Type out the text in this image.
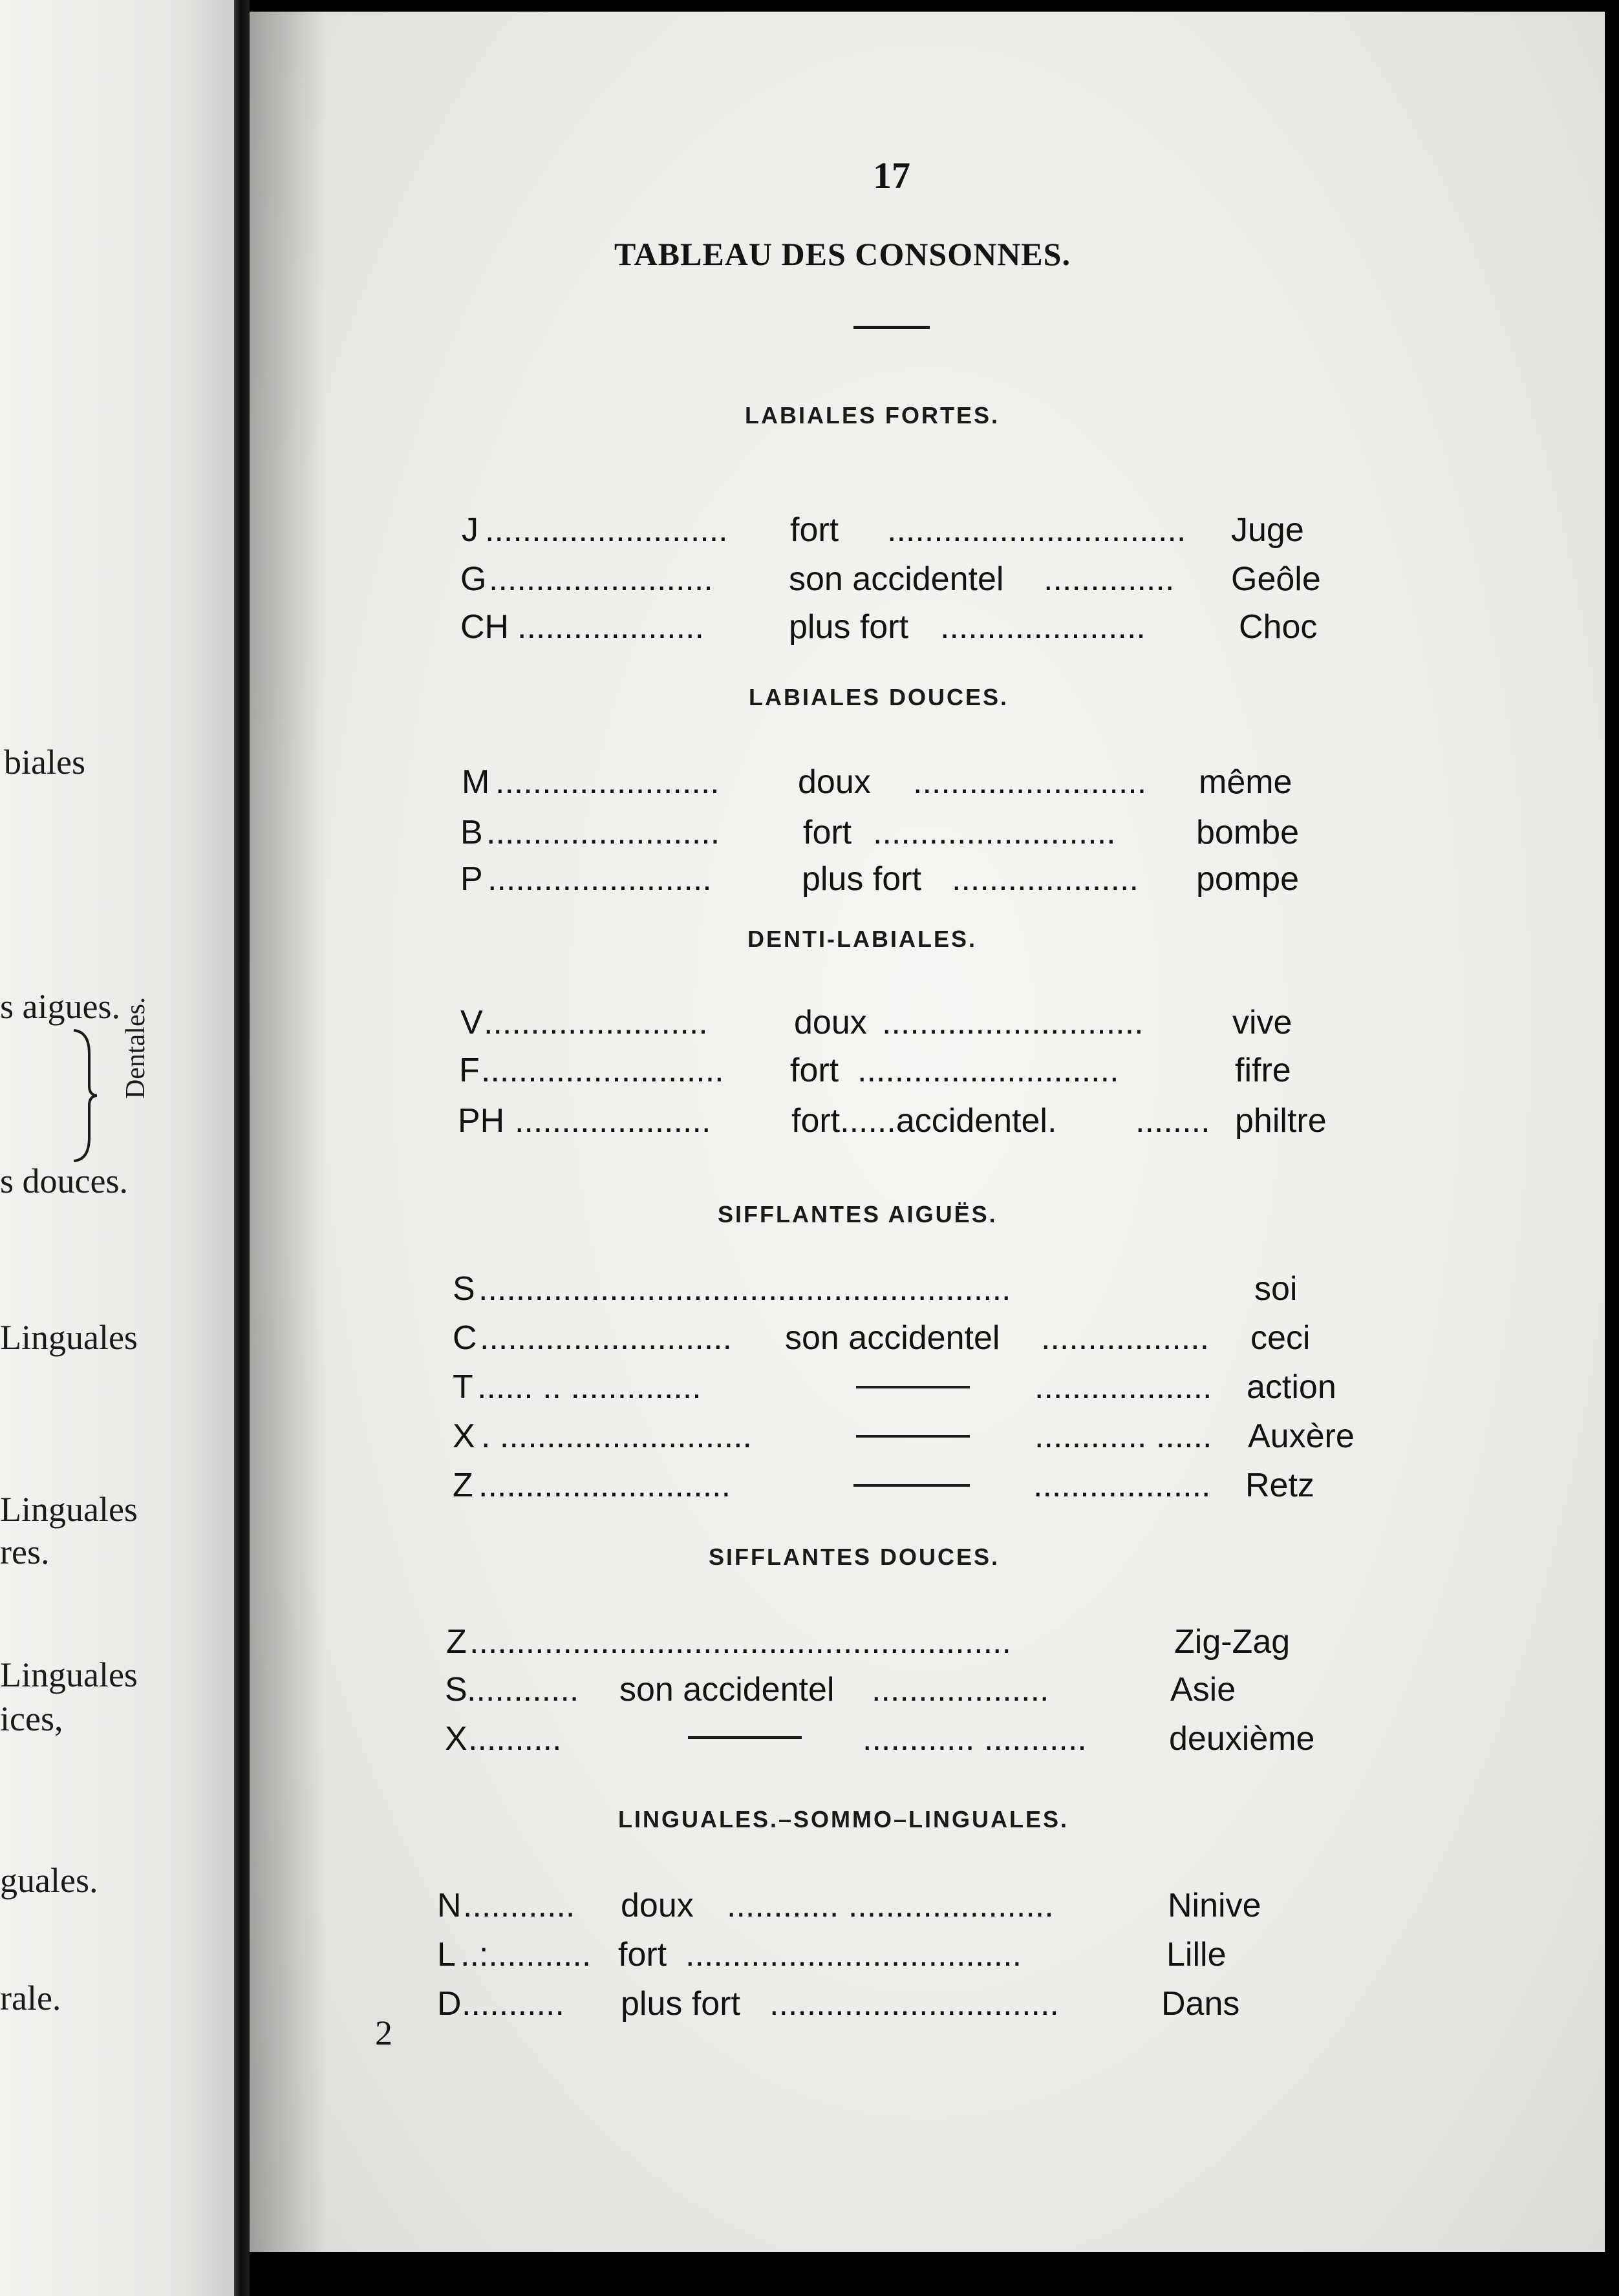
biales

s aigues. Dentales.

s douces.

Linguales

Linguales

res.

Linguales

ices,

guales.

rale.

17

TABLEAU DES CONSONNES.

LABIALES FORTES.

LABIALES DOUCES.

DENTI-LABIALES.

SIFFLANTES AIGUËS.

SIFFLANTES DOUCES.

LINGUALES.–SOMMO–LINGUALES.

J .......................... fort ................................ Juge
G ........................ son accidentel .............. Geôle
CH ....................	plus fort ......................	Choc
M ........................ doux ......................... même
B ......................... fort .......................... bombe
P ........................	plus fort .................... pompe
V ........................	doux ............................	vive
F .......................... fort ............................	fifre
PH ..................... fort......accidentel. ........ philtre
S .........................................................	soi
C ........................... son accidentel .................. ceci
T ...... .. ..............	................... action
X . ...........................	............ ...... Auxère
Z ...........................	................... Retz
Z ..........................................................	Zig-Zag
S ............ son accidentel ...................	Asie
X ..........	............ ........... deuxième
N ............ doux ............ ......................	Ninive
L ..:........... fort ....................................	Lille
D ........... plus fort ...............................	Dans

2
